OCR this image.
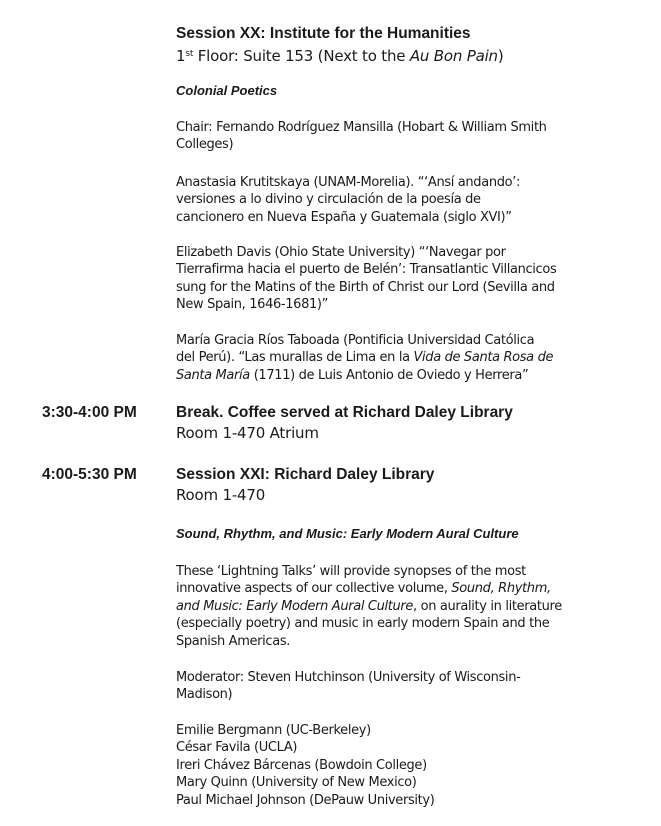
Session XX: Institute for the Humanities
1st Floor: Suite 153 (Next to the Au Bon Pain)
Colonial Poetics
Chair: Fernando Rodríguez Mansilla (Hobart & William Smith
Colleges)
Anastasia Krutitskaya (UNAM-Morelia). “‘Ansí andando’:
versiones a lo divino y circulación de la poesía de
cancionero en Nueva España y Guatemala (siglo XVI)”
Elizabeth Davis (Ohio State University) “‘Navegar por
Tierrafirma hacia el puerto de Belén’: Transatlantic Villancicos
sung for the Matins of the Birth of Christ our Lord (Sevilla and
New Spain, 1646-1681)”
María Gracia Ríos Taboada (Pontificia Universidad Católica
del Perú). “Las murallas de Lima en la Vida de Santa Rosa de
Santa María (1711) de Luis Antonio de Oviedo y Herrera”
3:30-4:00 PM	Break. Coffee served at Richard Daley Library
Room 1-470 Atrium
4:00-5:30 PM	Session XXI: Richard Daley Library
Room 1-470
Sound, Rhythm, and Music: Early Modern Aural Culture
These ‘Lightning Talks’ will provide synopses of the most
innovative aspects of our collective volume, Sound, Rhythm,
and Music: Early Modern Aural Culture, on aurality in literature
(especially poetry) and music in early modern Spain and the
Spanish Americas.
Moderator: Steven Hutchinson (University of Wisconsin-
Madison)
Emilie Bergmann (UC-Berkeley)
César Favila (UCLA)
Ireri Chávez Bárcenas (Bowdoin College)
Mary Quinn (University of New Mexico)
Paul Michael Johnson (DePauw University)
